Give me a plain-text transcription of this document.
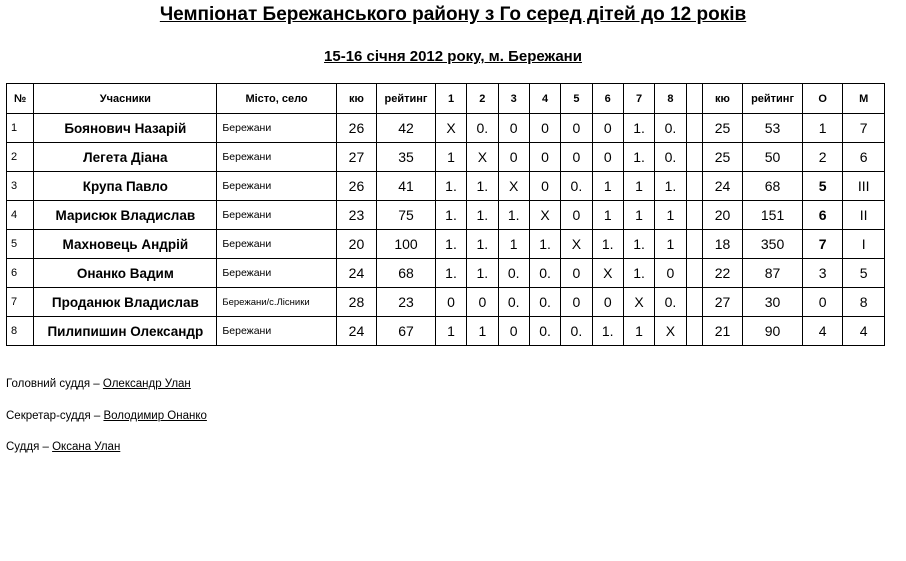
Чемпіонат Бережанського району з Го серед дітей до 12 років
15-16 січня 2012 року, м. Бережани
№	Учасники	Місто, село	кю	рейтинг	1	2	3	4	5	6	7	8		кю	рейтинг	О	М
1	Боянович Назарій	Бережани	26	42	X	0.	0	0	0	0	1.	0.		25	53	1	7
2	Легета Діана	Бережани	27	35	1	X	0	0	0	0	1.	0.		25	50	2	6
3	Крупа Павло	Бережани	26	41	1.	1.	X	0	0.	1	1	1.		24	68	5	III
4	Марисюк Владислав	Бережани	23	75	1.	1.	1.	X	0	1	1	1		20	151	6	II
5	Махновець Андрій	Бережани	20	100	1.	1.	1	1.	X	1.	1.	1		18	350	7	I
6	Онанко Вадим	Бережани	24	68	1.	1.	0.	0.	0	X	1.	0		22	87	3	5
7	Проданюк Владислав	Бережани/с.Лісники	28	23	0	0	0.	0.	0	0	X	0.		27	30	0	8
8	Пилипишин Олександр	Бережани	24	67	1	1	0	0.	0.	1.	1	X		21	90	4	4
Головний суддя – Олександр Улан
Секретар-суддя – Володимир Онанко
Суддя – Оксана Улан
